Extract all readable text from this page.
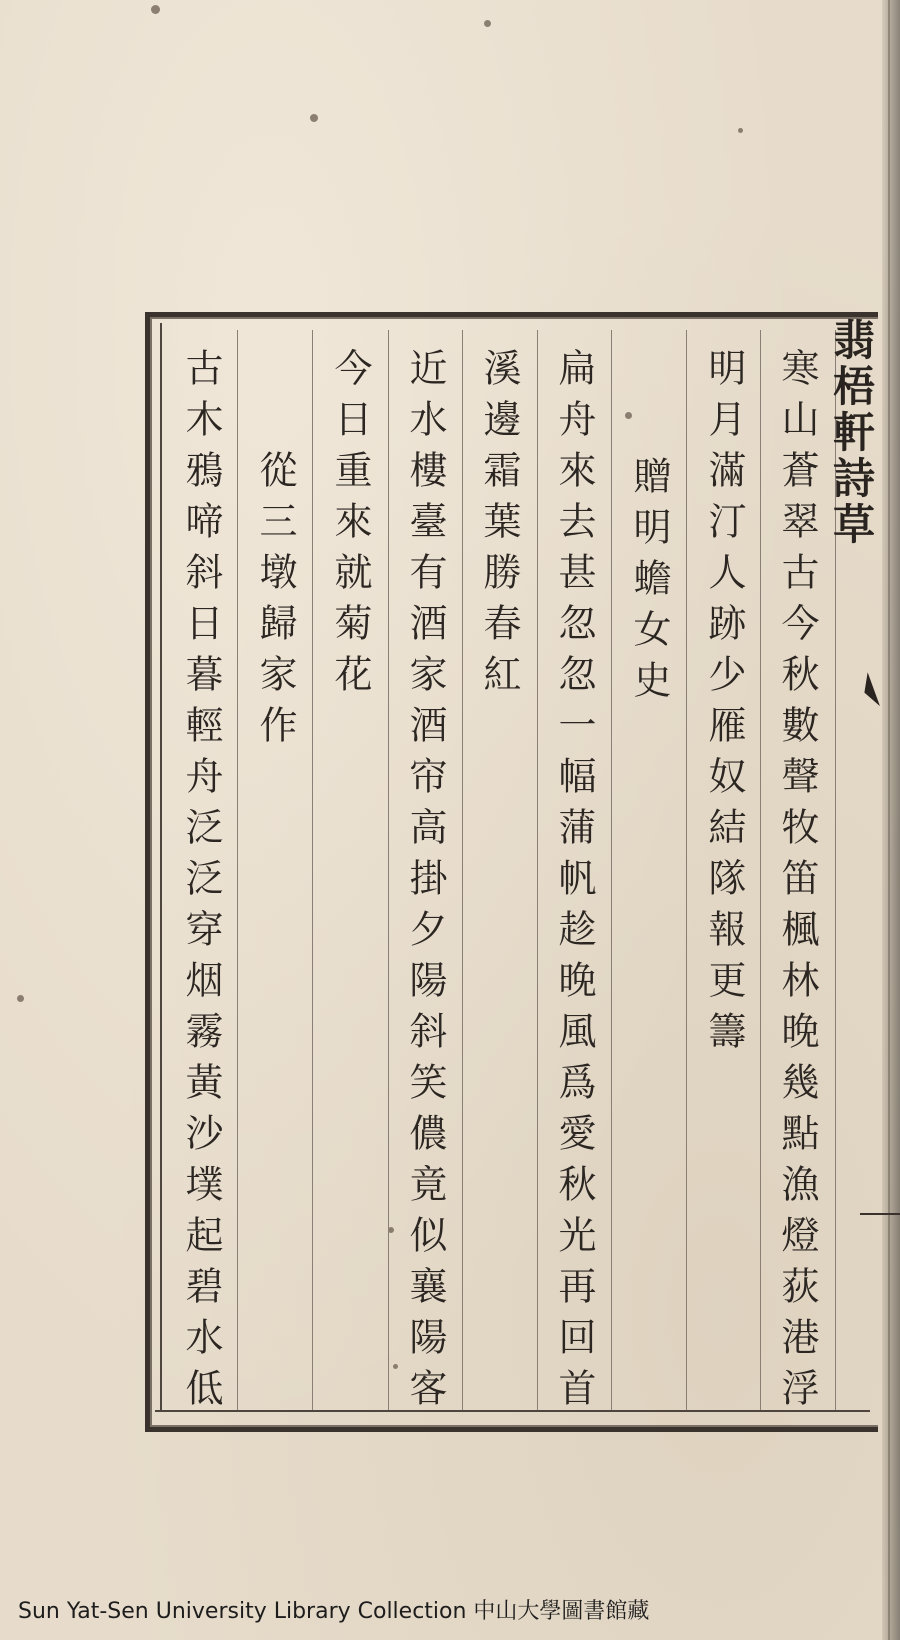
翡梧軒詩草
寒山蒼翠古今秋數聲牧笛楓林晚幾點漁燈荻港浮
明月滿汀人跡少雁奴結隊報更籌
贈明蟾女史
扁舟來去甚忽忽一幅蒲帆趁晚風爲愛秋光再回首
溪邊霜葉勝春紅
近水樓臺有酒家酒帘高掛夕陽斜笑儂竟似襄陽客
今日重來就菊花
從三墩歸家作
古木鴉啼斜日暮輕舟泛泛穿烟霧黃沙墣起碧水低
Sun Yat-Sen University Library Collection 中山大學圖書館藏
